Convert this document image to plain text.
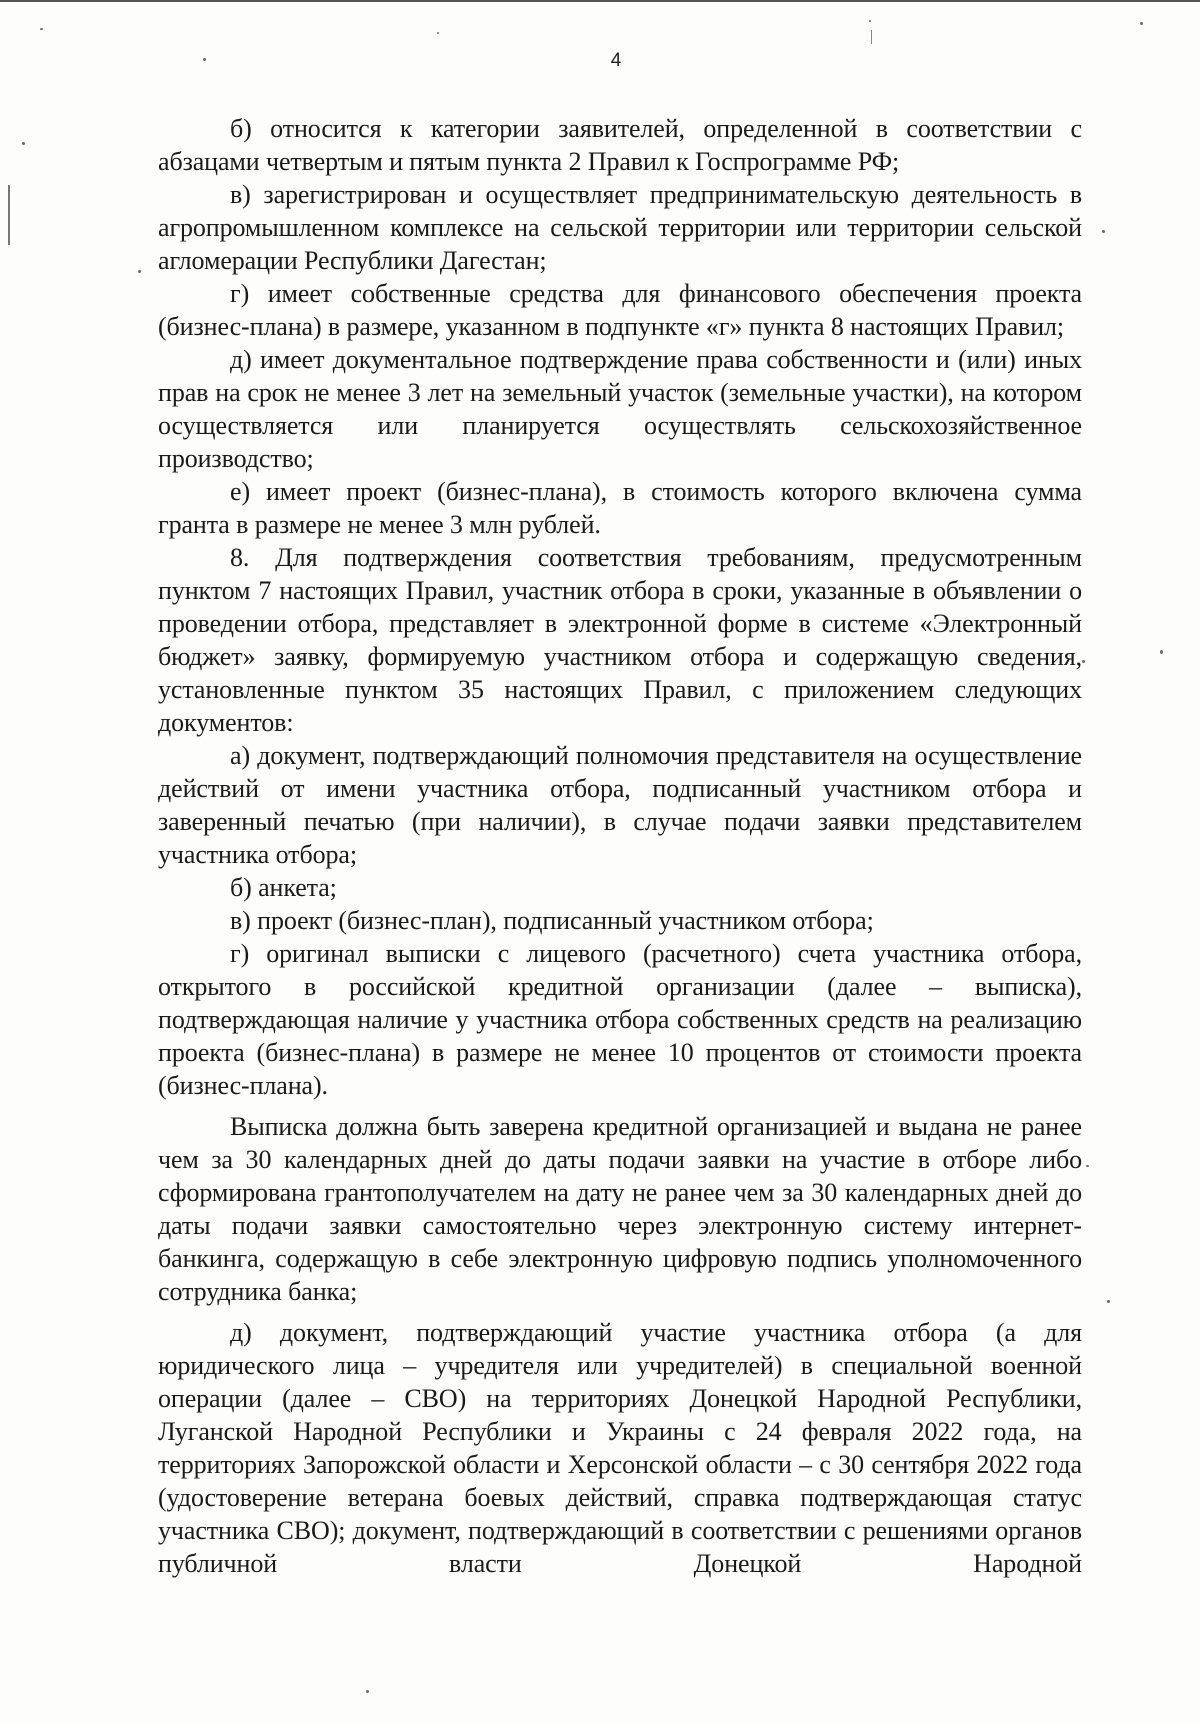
4

б) относится к категории заявителей, определенной в соответствии с абзацами четвертым и пятым пункта 2 Правил к Госпрограмме РФ;

в) зарегистрирован и осуществляет предпринимательскую деятельность в агропромышленном комплексе на сельской территории или территории сельской агломерации Республики Дагестан;

г) имеет собственные средства для финансового обеспечения проекта (бизнес-плана) в размере, указанном в подпункте «г» пункта 8 настоящих Правил;

д) имеет документальное подтверждение права собственности и (или) иных прав на срок не менее 3 лет на земельный участок (земельные участки), на котором осуществляется или планируется осуществлять сельскохозяйственное производство;

е) имеет проект (бизнес-плана), в стоимость которого включена сумма гранта в размере не менее 3 млн рублей.

8. Для подтверждения соответствия требованиям, предусмотренным пунктом 7 настоящих Правил, участник отбора в сроки, указанные в объявлении о проведении отбора, представляет в электронной форме в системе «Электронный бюджет» заявку, формируемую участником отбора и содержащую сведения, установленные пунктом 35 настоящих Правил, с приложением следующих документов:

а) документ, подтверждающий полномочия представителя на осуществление действий от имени участника отбора, подписанный участником отбора и заверенный печатью (при наличии), в случае подачи заявки представителем участника отбора;

б) анкета;

в) проект (бизнес-план), подписанный участником отбора;

г) оригинал выписки с лицевого (расчетного) счета участника отбора, открытого в российской кредитной организации (далее – выписка), подтверждающая наличие у участника отбора собственных средств на реализацию проекта (бизнес-плана) в размере не менее 10 процентов от стоимости проекта (бизнес-плана).

Выписка должна быть заверена кредитной организацией и выдана не ранее чем за 30 календарных дней до даты подачи заявки на участие в отборе либо сформирована грантополучателем на дату не ранее чем за 30 календарных дней до даты подачи заявки самостоятельно через электронную систему интернет-банкинга, содержащую в себе электронную цифровую подпись уполномоченного сотрудника банка;

д) документ, подтверждающий участие участника отбора (а для юридического лица – учредителя или учредителей) в специальной военной операции (далее – СВО) на территориях Донецкой Народной Республики, Луганской Народной Республики и Украины с 24 февраля 2022 года, на территориях Запорожской области и Херсонской области – с 30 сентября 2022 года (удостоверение ветерана боевых действий, справка подтверждающая статус участника СВО); документ, подтверждающий в соответствии с решениями органов публичной власти Донецкой Народной
